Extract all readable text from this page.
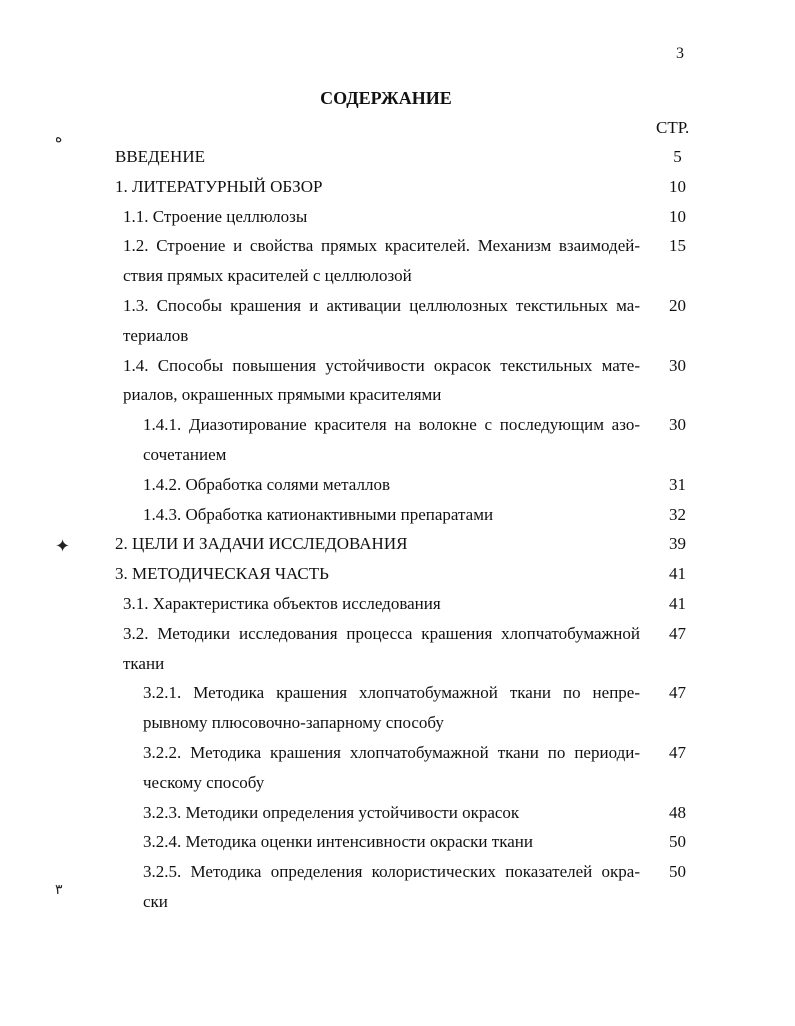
3
СОДЕРЖАНИЕ
СТР.
ه
✦
٣
ВВЕДЕНИЕ	5
1. ЛИТЕРАТУРНЫЙ ОБЗОР	10
1.1. Строение целлюлозы	10
1.2. Строение и свойства прямых красителей. Механизм взаимодей-	15
ствия прямых красителей с целлюлозой
1.3. Способы крашения и активации целлюлозных текстильных ма-	20
териалов
1.4. Способы повышения устойчивости окрасок текстильных мате-	30
риалов, окрашенных прямыми красителями
1.4.1. Диазотирование красителя на волокне с последующим азо-	30
сочетанием
1.4.2. Обработка солями металлов	31
1.4.3. Обработка катионактивными препаратами	32
2. ЦЕЛИ И ЗАДАЧИ ИССЛЕДОВАНИЯ	39
3. МЕТОДИЧЕСКАЯ ЧАСТЬ	41
3.1. Характеристика объектов исследования	41
3.2. Методики исследования процесса крашения хлопчатобумажной	47
ткани
3.2.1. Методика крашения хлопчатобумажной ткани по непре-	47
рывному плюсовочно-запарному способу
3.2.2. Методика крашения хлопчатобумажной ткани по периоди-	47
ческому способу
3.2.3. Методики определения устойчивости окрасок	48
3.2.4. Методика оценки интенсивности окраски ткани	50
3.2.5. Методика определения колористических показателей окра-	50
ски
